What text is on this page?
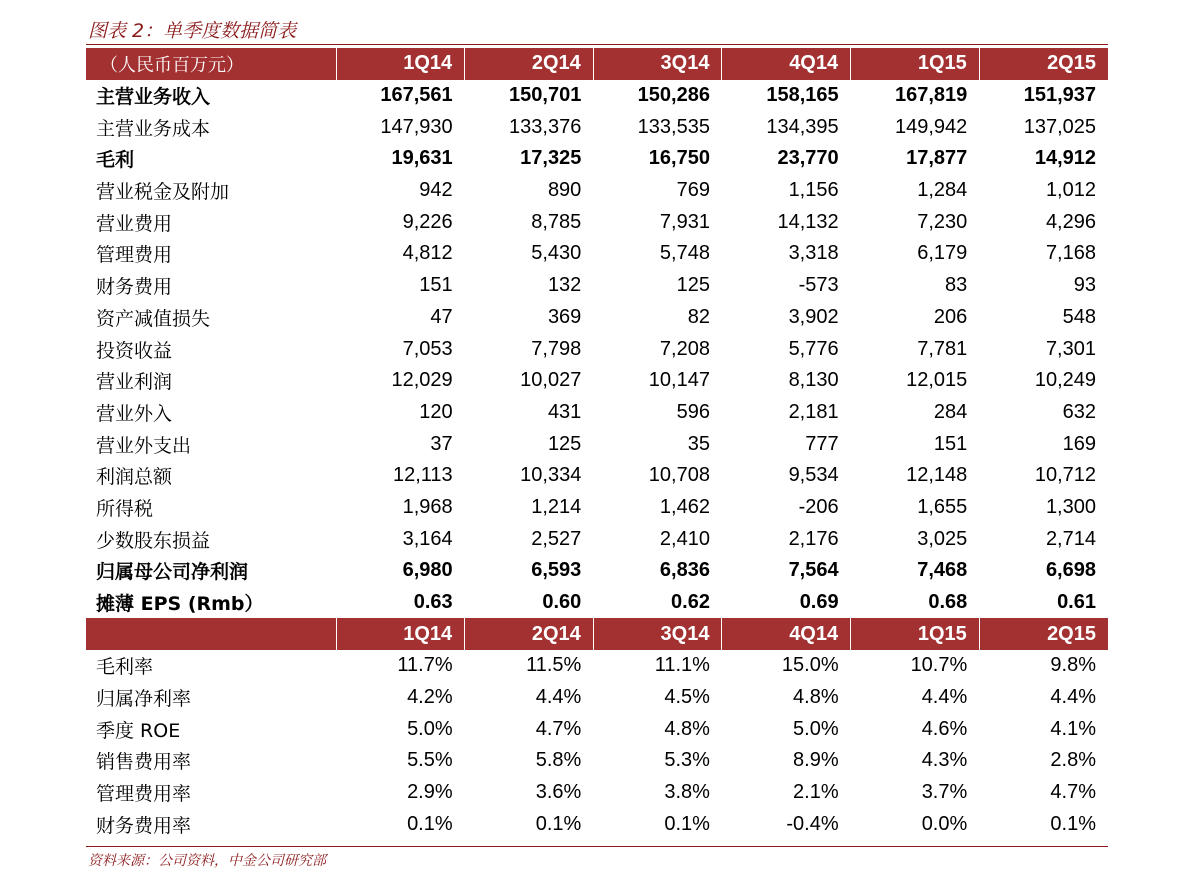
图表 2：单季度数据简表
（人民币百万元）	1Q14	2Q14	3Q14	4Q14	1Q15	2Q15
主营业务收入	167,561	150,701	150,286	158,165	167,819	151,937
主营业务成本	147,930	133,376	133,535	134,395	149,942	137,025
毛利	19,631	17,325	16,750	23,770	17,877	14,912
营业税金及附加	942	890	769	1,156	1,284	1,012
营业费用	9,226	8,785	7,931	14,132	7,230	4,296
管理费用	4,812	5,430	5,748	3,318	6,179	7,168
财务费用	151	132	125	-573	83	93
资产减值损失	47	369	82	3,902	206	548
投资收益	7,053	7,798	7,208	5,776	7,781	7,301
营业利润	12,029	10,027	10,147	8,130	12,015	10,249
营业外入	120	431	596	2,181	284	632
营业外支出	37	125	35	777	151	169
利润总额	12,113	10,334	10,708	9,534	12,148	10,712
所得税	1,968	1,214	1,462	-206	1,655	1,300
少数股东损益	3,164	2,527	2,410	2,176	3,025	2,714
归属母公司净利润	6,980	6,593	6,836	7,564	7,468	6,698
摊薄 EPS (Rmb）	0.63	0.60	0.62	0.69	0.68	0.61
	1Q14	2Q14	3Q14	4Q14	1Q15	2Q15
毛利率	11.7%	11.5%	11.1%	15.0%	10.7%	9.8%
归属净利率	4.2%	4.4%	4.5%	4.8%	4.4%	4.4%
季度 ROE	5.0%	4.7%	4.8%	5.0%	4.6%	4.1%
销售费用率	5.5%	5.8%	5.3%	8.9%	4.3%	2.8%
管理费用率	2.9%	3.6%	3.8%	2.1%	3.7%	4.7%
财务费用率	0.1%	0.1%	0.1%	-0.4%	0.0%	0.1%
资料来源：公司资料，中金公司研究部
